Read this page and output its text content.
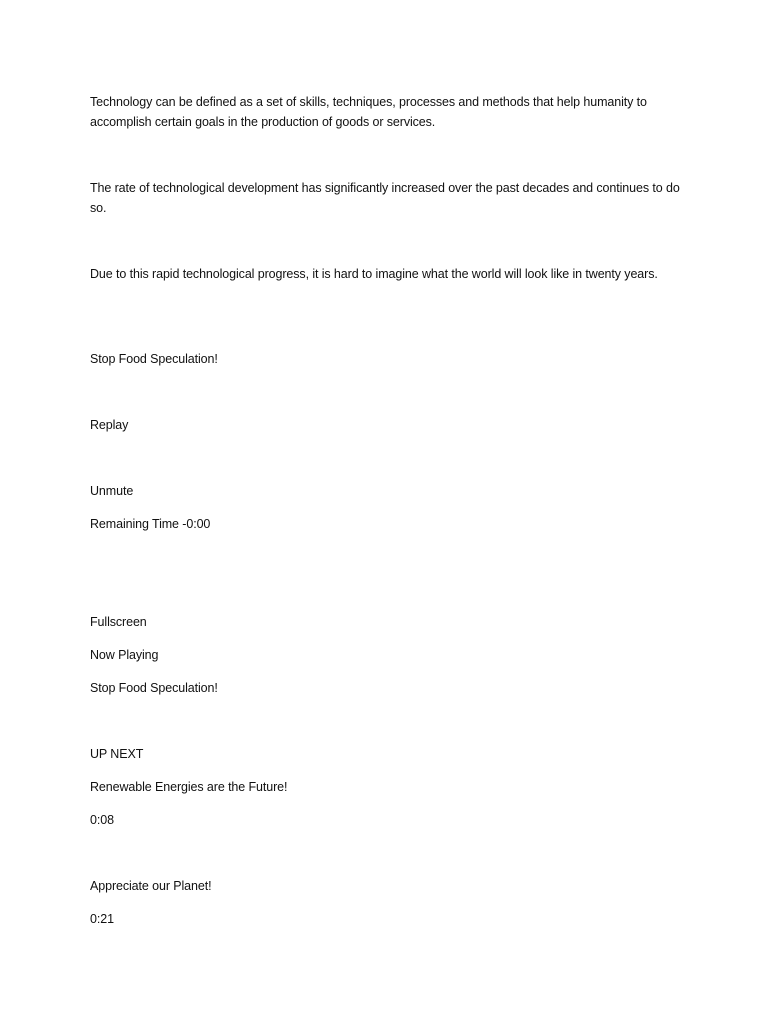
Technology can be defined as a set of skills, techniques, processes and methods that help humanity to accomplish certain goals in the production of goods or services.
The rate of technological development has significantly increased over the past decades and continues to do so.
Due to this rapid technological progress, it is hard to imagine what the world will look like in twenty years.
Stop Food Speculation!
Replay
Unmute
Remaining Time -0:00
Fullscreen
Now Playing
Stop Food Speculation!
UP NEXT
Renewable Energies are the Future!
0:08
Appreciate our Planet!
0:21
